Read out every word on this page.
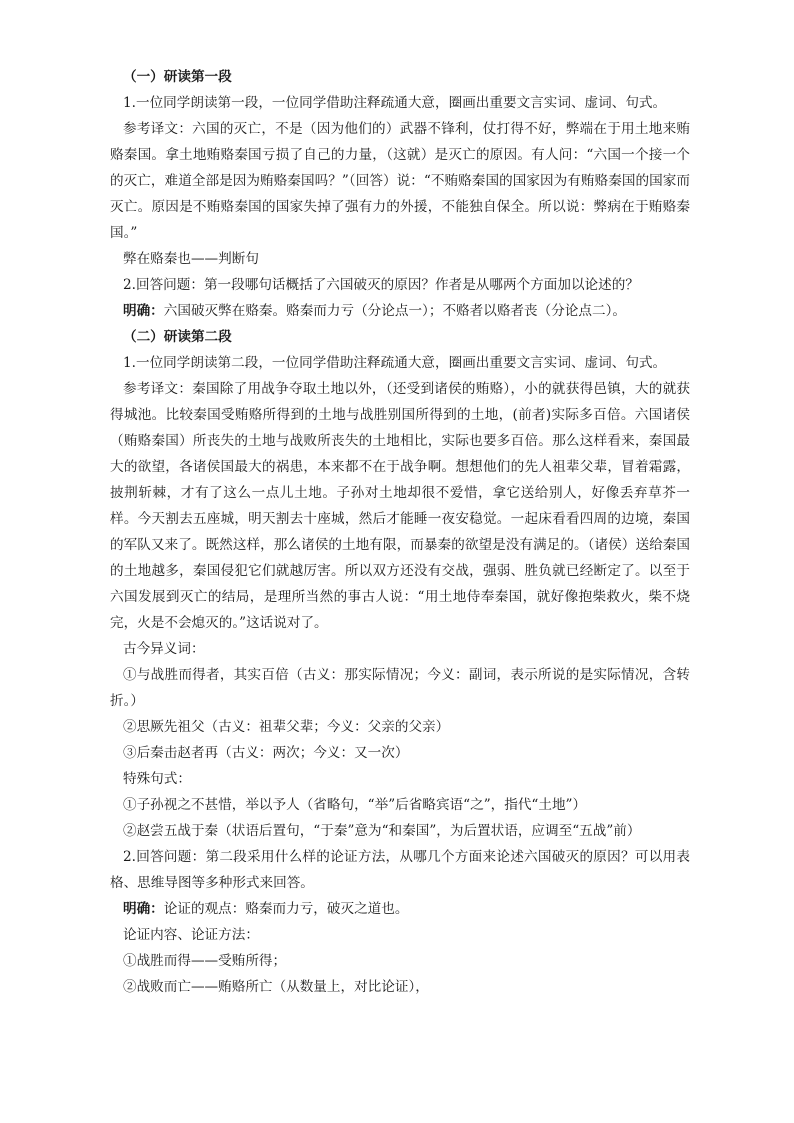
（一）研读第一段

1.一位同学朗读第一段，一位同学借助注释疏通大意，圈画出重要文言实词、虚词、句式。

参考译文：六国的灭亡，不是（因为他们的）武器不锋利，仗打得不好，弊端在于用土地来贿赂秦国。拿土地贿赂秦国亏损了自己的力量，（这就）是灭亡的原因。有人问：“六国一个接一个的灭亡，难道全部是因为贿赂秦国吗？”（回答）说：“不贿赂秦国的国家因为有贿赂秦国的国家而灭亡。原因是不贿赂秦国的国家失掉了强有力的外援，不能独自保全。所以说：弊病在于贿赂秦国。”

弊在赂秦也——判断句

2.回答问题：第一段哪句话概括了六国破灭的原因？作者是从哪两个方面加以论述的？

明确：六国破灭弊在赂秦。赂秦而力亏（分论点一）；不赂者以赂者丧（分论点二）。

（二）研读第二段

1.一位同学朗读第二段，一位同学借助注释疏通大意，圈画出重要文言实词、虚词、句式。

参考译文：秦国除了用战争夺取土地以外，（还受到诸侯的贿赂），小的就获得邑镇，大的就获得城池。比较秦国受贿赂所得到的土地与战胜别国所得到的土地，(前者)实际多百倍。六国诸侯（贿赂秦国）所丧失的土地与战败所丧失的土地相比，实际也要多百倍。那么这样看来，秦国最大的欲望，各诸侯国最大的祸患，本来都不在于战争啊。想想他们的先人祖辈父辈，冒着霜露，披荆斩棘，才有了这么一点儿土地。子孙对土地却很不爱惜，拿它送给别人，好像丢弃草芥一样。今天割去五座城，明天割去十座城，然后才能睡一夜安稳觉。一起床看看四周的边境，秦国的军队又来了。既然这样，那么诸侯的土地有限，而暴秦的欲望是没有满足的。（诸侯）送给秦国的土地越多，秦国侵犯它们就越厉害。所以双方还没有交战，强弱、胜负就已经断定了。以至于六国发展到灭亡的结局，是理所当然的事古人说：“用土地侍奉秦国，就好像抱柴救火，柴不烧完，火是不会熄灭的。”这话说对了。

古今异义词：

①与战胜而得者，其实百倍（古义：那实际情况；今义：副词，表示所说的是实际情况，含转折。）

②思厥先祖父（古义：祖辈父辈；今义：父亲的父亲）

③后秦击赵者再（古义：两次；今义：又一次）

特殊句式：

①子孙视之不甚惜，举以予人（省略句，“举”后省略宾语“之”，指代“土地”）

②赵尝五战于秦（状语后置句，“于秦”意为“和秦国”，为后置状语，应调至“五战”前）

2.回答问题：第二段采用什么样的论证方法，从哪几个方面来论述六国破灭的原因？可以用表格、思维导图等多种形式来回答。

明确：论证的观点：赂秦而力亏，破灭之道也。

论证内容、论证方法：

①战胜而得——受贿所得；

②战败而亡——贿赂所亡（从数量上，对比论证），
